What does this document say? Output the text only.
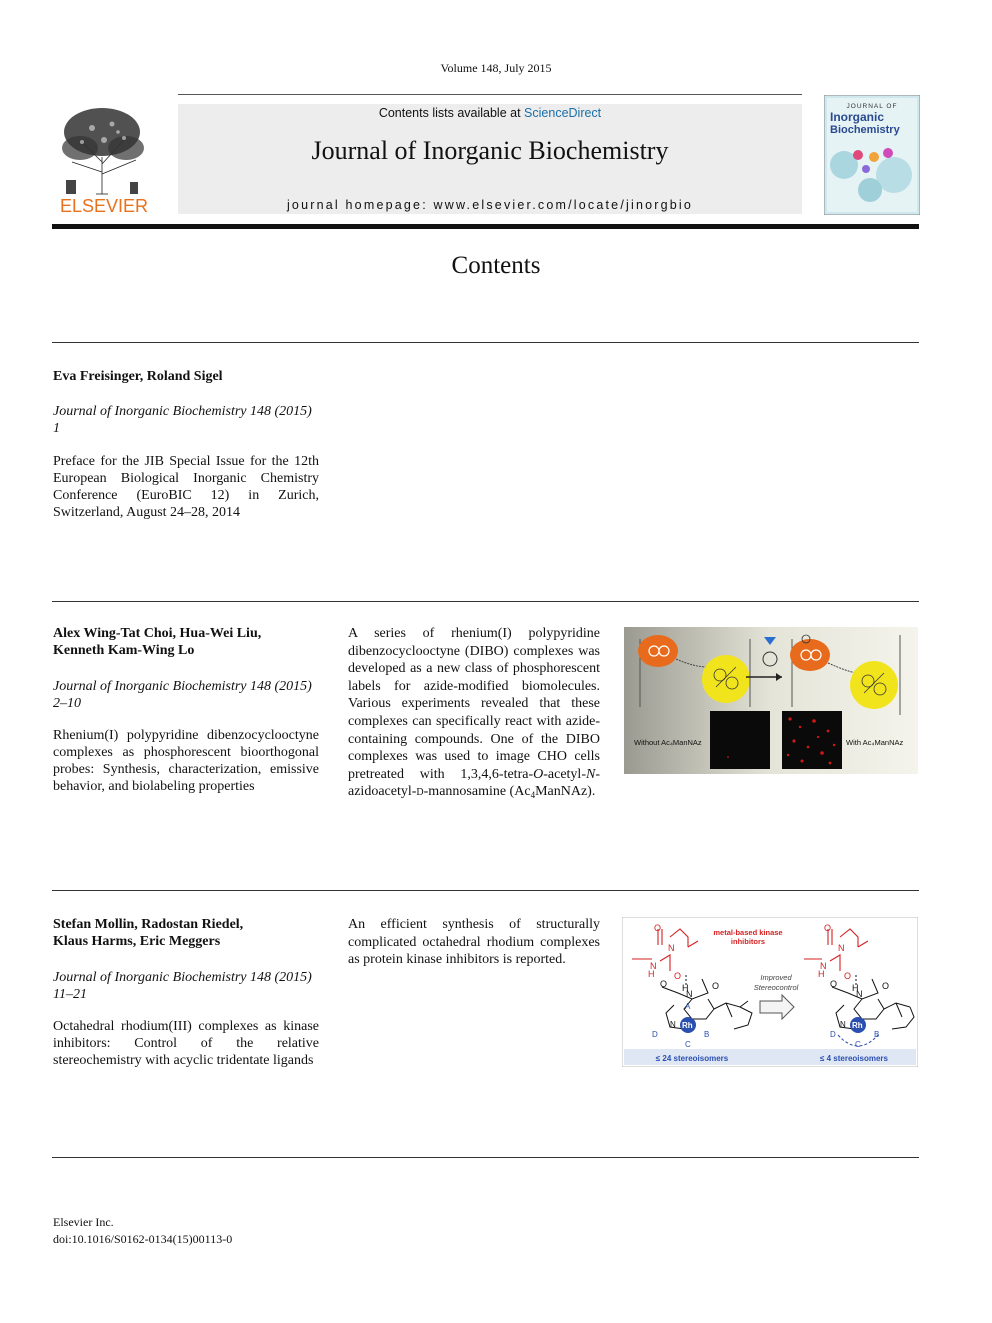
Volume 148, July 2015
ELSEVIER
Contents lists available at ScienceDirect
Journal of Inorganic Biochemistry
journal homepage: www.elsevier.com/locate/jinorgbio
JOURNAL OF
Inorganic
Biochemistry
Contents
Eva Freisinger, Roland Sigel
Journal of Inorganic Biochemistry 148 (2015)
1
Preface for the JIB Special Issue for the 12th European Biological Inorganic Chemistry Conference (EuroBIC 12) in Zurich, Switzerland, August 24–28, 2014
Alex Wing-Tat Choi, Hua-Wei Liu,
Kenneth Kam-Wing Lo
Journal of Inorganic Biochemistry 148 (2015)
2–10
Rhenium(I) polypyridine dibenzocyclooctyne complexes as phosphorescent bioorthogonal probes: Synthesis, characterization, emissive behavior, and biolabeling properties
A series of rhenium(I) polypyridine dibenzocyclooctyne (DIBO) complexes was developed as a new class of phosphorescent labels for azide-modified biomolecules. Various experiments revealed that these complexes can specifically react with azide-containing compounds. One of the DIBO complexes was used to image CHO cells pretreated with 1,3,4,6-tetra-O-acetyl-N-azidoacetyl-D-mannosamine $(Ac_4ManNAz)$.
Without Ac₄ManNAz	With Ac₄ManNAz
Stefan Mollin, Radostan Riedel,
Klaus Harms, Eric Meggers
Journal of Inorganic Biochemistry 148 (2015)
11–21
Octahedral rhodium(III) complexes as kinase inhibitors: Control of the relative stereochemistry with acyclic tridentate ligands
An efficient synthesis of structurally complicated octahedral rhodium complexes as protein kinase inhibitors is reported.
O
N
N
H O
H
N
O
O
Rh
A
B
C
D
N
metal-based kinase
inhibitors
Improved
Stereocontrol
O
N
N
H O
H
N
O
O
Rh
B
C
D
N
≤ 24 stereoisomers	≤ 4 stereoisomers
Elsevier Inc.
doi:10.1016/S0162-0134(15)00113-0
